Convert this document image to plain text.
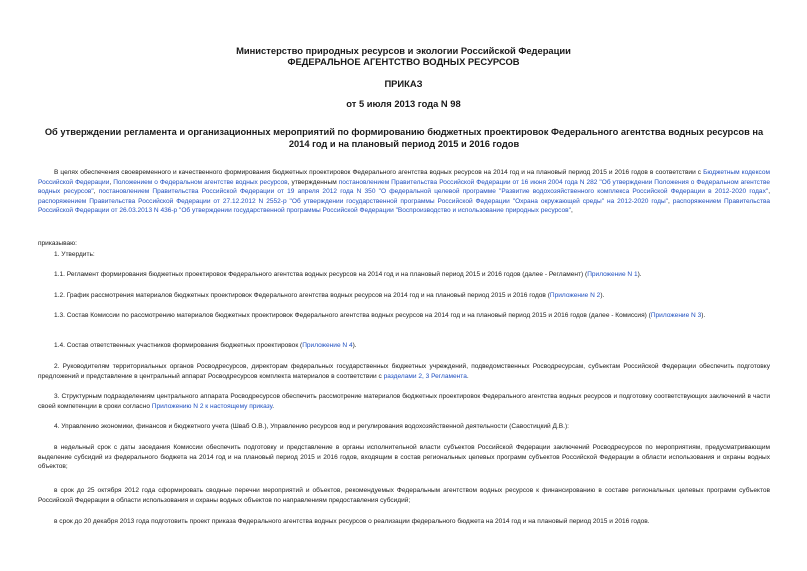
Министерство природных ресурсов и экологии Российской Федерации
ФЕДЕРАЛЬНОЕ АГЕНТСТВО ВОДНЫХ РЕСУРСОВ
ПРИКАЗ
от 5 июля 2013 года N 98
Об утверждении регламента и организационных мероприятий по формированию бюджетных проектировок Федерального агентства водных ресурсов на 2014 год и на плановый период 2015 и 2016 годов
В целях обеспечения своевременного и качественного формирования бюджетных проектировок Федерального агентства водных ресурсов на 2014 год и на плановый период 2015 и 2016 годов в соответствии с Бюджетным кодексом Российской Федерации, Положением о Федеральном агентстве водных ресурсов, утвержденным постановлением Правительства Российской Федерации от 16 июня 2004 года N 282 "Об утверждении Положения о Федеральном агентстве водных ресурсов", постановлением Правительства Российской Федерации от 19 апреля 2012 года N 350 "О федеральной целевой программе "Развитие водохозяйственного комплекса Российской Федерации в 2012-2020 годах", распоряжением Правительства Российской Федерации от 27.12.2012 N 2552-р "Об утверждении государственной программы Российской Федерации "Охрана окружающей среды" на 2012-2020 годы", распоряжением Правительства Российской Федерации от 26.03.2013 N 436-р "Об утверждении государственной программы Российской Федерации "Воспроизводство и использование природных ресурсов",
приказываю:
1. Утвердить:
1.1. Регламент формирования бюджетных проектировок Федерального агентства водных ресурсов на 2014 год и на плановый период 2015 и 2016 годов (далее - Регламент) (Приложение N 1).
1.2. График рассмотрения материалов бюджетных проектировок Федерального агентства водных ресурсов на 2014 год и на плановый период 2015 и 2016 годов (Приложение N 2).
1.3. Состав Комиссии по рассмотрению материалов бюджетных проектировок Федерального агентства водных ресурсов на 2014 год и на плановый период 2015 и 2016 годов (далее - Комиссия) (Приложение N 3).
1.4. Состав ответственных участников формирования бюджетных проектировок (Приложение N 4).
2. Руководителям территориальных органов Росводресурсов, директорам федеральных государственных бюджетных учреждений, подведомственных Росводресурсам, субъектам Российской Федерации обеспечить подготовку предложений и представление в центральный аппарат Росводресурсов комплекта материалов в соответствии с разделами 2, 3 Регламента.
3. Структурным подразделениям центрального аппарата Росводресурсов обеспечить рассмотрение материалов бюджетных проектировок Федерального агентства водных ресурсов и подготовку соответствующих заключений в части своей компетенции в сроки согласно Приложению N 2 к настоящему приказу.
4. Управлению экономики, финансов и бюджетного учета (Шваб О.В.), Управлению ресурсов вод и регулирования водохозяйственной деятельности (Савостицкий Д.В.):
в недельный срок с даты заседания Комиссии обеспечить подготовку и представление в органы исполнительной власти субъектов Российской Федерации заключений Росводресурсов по мероприятиям, предусматривающим выделение субсидий из федерального бюджета на 2014 год и на плановый период 2015 и 2016 годов, входящим в состав региональных целевых программ субъектов Российской Федерации в области использования и охраны водных объектов;
в срок до 25 октября 2012 года сформировать сводные перечни мероприятий и объектов, рекомендуемых Федеральным агентством водных ресурсов к финансированию в составе региональных целевых программ субъектов Российской Федерации в области использования и охраны водных объектов по направлениям предоставления субсидий;
в срок до 20 декабря 2013 года подготовить проект приказа Федерального агентства водных ресурсов о реализации федерального бюджета на 2014 год и на плановый период 2015 и 2016 годов.
